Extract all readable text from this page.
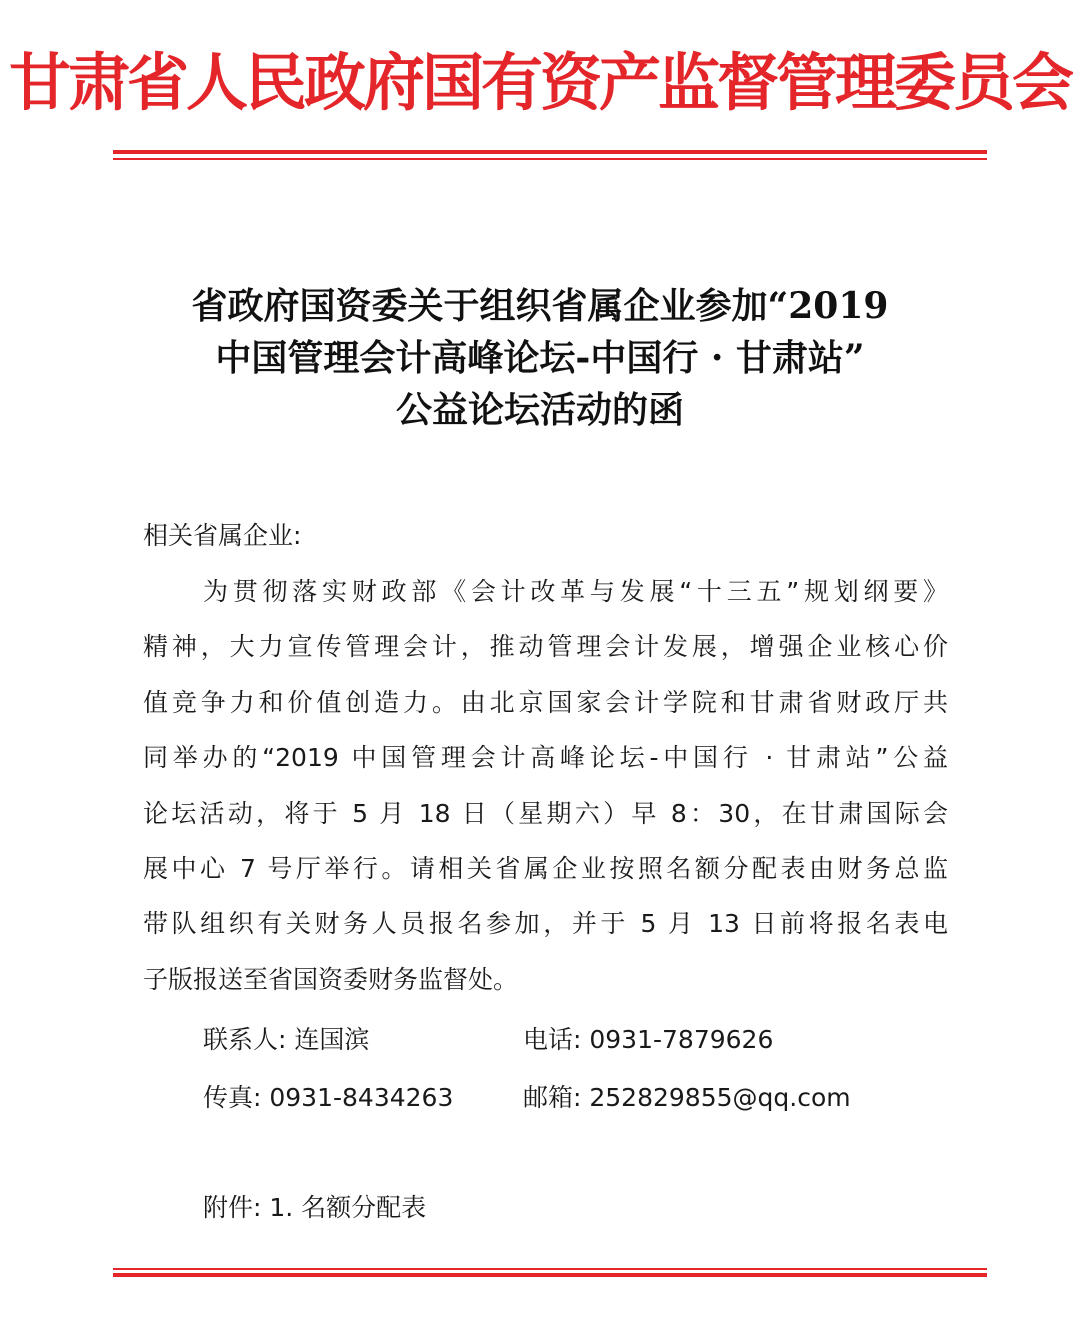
甘肃省人民政府国有资产监督管理委员会
省政府国资委关于组织省属企业参加“2019
中国管理会计高峰论坛-中国行 · 甘肃站”
公益论坛活动的函
相关省属企业:
为贯彻落实财政部《会计改革与发展“十三五”规划纲要》
精神，大力宣传管理会计，推动管理会计发展，增强企业核心价
值竞争力和价值创造力。由北京国家会计学院和甘肃省财政厅共
同举办的“2019 中国管理会计高峰论坛-中国行 · 甘肃站”公益
论坛活动，将于 5 月 18 日（星期六）早 8：30，在甘肃国际会
展中心 7 号厅举行。请相关省属企业按照名额分配表由财务总监
带队组织有关财务人员报名参加，并于 5 月 13 日前将报名表电
子版报送至省国资委财务监督处。
联系人: 连国滨	电话: 0931-7879626
传真: 0931-8434263	邮箱: 252829855@qq.com
附件: 1. 名额分配表
